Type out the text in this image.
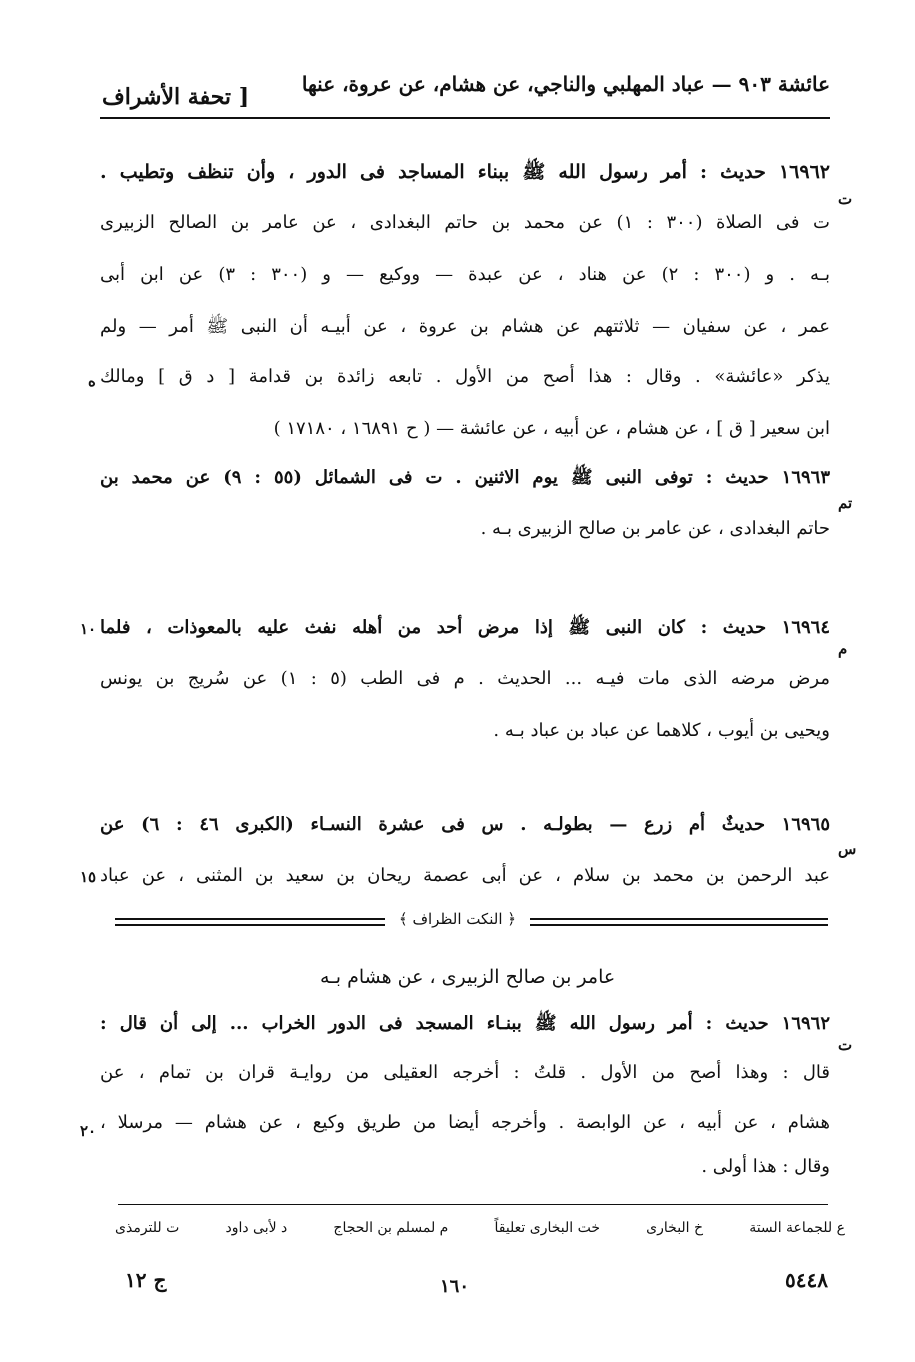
عائشة ٩٠٣ — عباد المهلبي والناجي، عن هشام، عن عروة، عنها
[ تحفة الأشراف
١٦٩٦٢ حديث : أمر رسول الله ﷺ ببناء المساجد فى الدور ، وأن تنظف وتطيب .
ت
ت فى الصلاة (٣٠٠ : ١) عن محمد بن حاتم البغدادى ، عن عامر بن الصالح الزبيرى
بـه . و (٣٠٠ : ٢) عن هناد ، عن عبدة — ووكيع — و (٣٠٠ : ٣) عن ابن أبى
عمر ، عن سفيان — ثلاثتهم عن هشام بن عروة ، عن أبيـه أن النبى ﷺ أمر — ولم
يذكر «عائشة» . وقال : هذا أصح من الأول . تابعه زائدة بن قدامة [ د ق ] ومالك
ه
ابن سعير [ ق ] ، عن هشام ، عن أبيه ، عن عائشة — ( ح ١٦٨٩١ ، ١٧١٨٠ )
١٦٩٦٣ حديث : توفى النبى ﷺ يوم الاثنين . ت فى الشمائل (٥٥ : ٩) عن محمد بن
تم
حاتم البغدادى ، عن عامر بن صالح الزبيرى بـه .
١٦٩٦٤ حديث : كان النبى ﷺ إذا مرض أحد من أهله نفث عليه بالمعوذات ، فلما
م
١٠
مرض مرضه الذى مات فيـه ... الحديث . م فى الطب (٥ : ١) عن سُريج بن يونس
ويحيى بن أيوب ، كلاهما عن عباد بن عباد بـه .
١٦٩٦٥ حديثٌ أم زرع — بطولـه . س فى عشرة النسـاء (الكبرى ٤٦ : ٦) عن
س
عبد الرحمن بن محمد بن سلام ، عن أبى عصمة ريحان بن سعيد بن المثنى ، عن عباد
١٥
﴿ النكت الظراف ﴾
عامر بن صالح الزبيرى ، عن هشام بـه
١٦٩٦٢ حديث : أمر رسول الله ﷺ ببنـاء المسجد فى الدور الخراب ... إلى أن قال :
ت
قال : وهذا أصح من الأول . قلتُ : أخرجه العقيلى من روايـة قران بن تمام ، عن
هشام ، عن أبيه ، عن الوابصة . وأخرجه أيضا من طريق وكيع ، عن هشام — مرسلا ،
٢٠
وقال : هذا أولى .
ع للجماعة الستة
خ البخارى
خت البخارى تعليقاً
م لمسلم بن الحجاج
د لأبى داود
ت للترمذى
ج ١٢	١٦٠	٥٤٤٨
